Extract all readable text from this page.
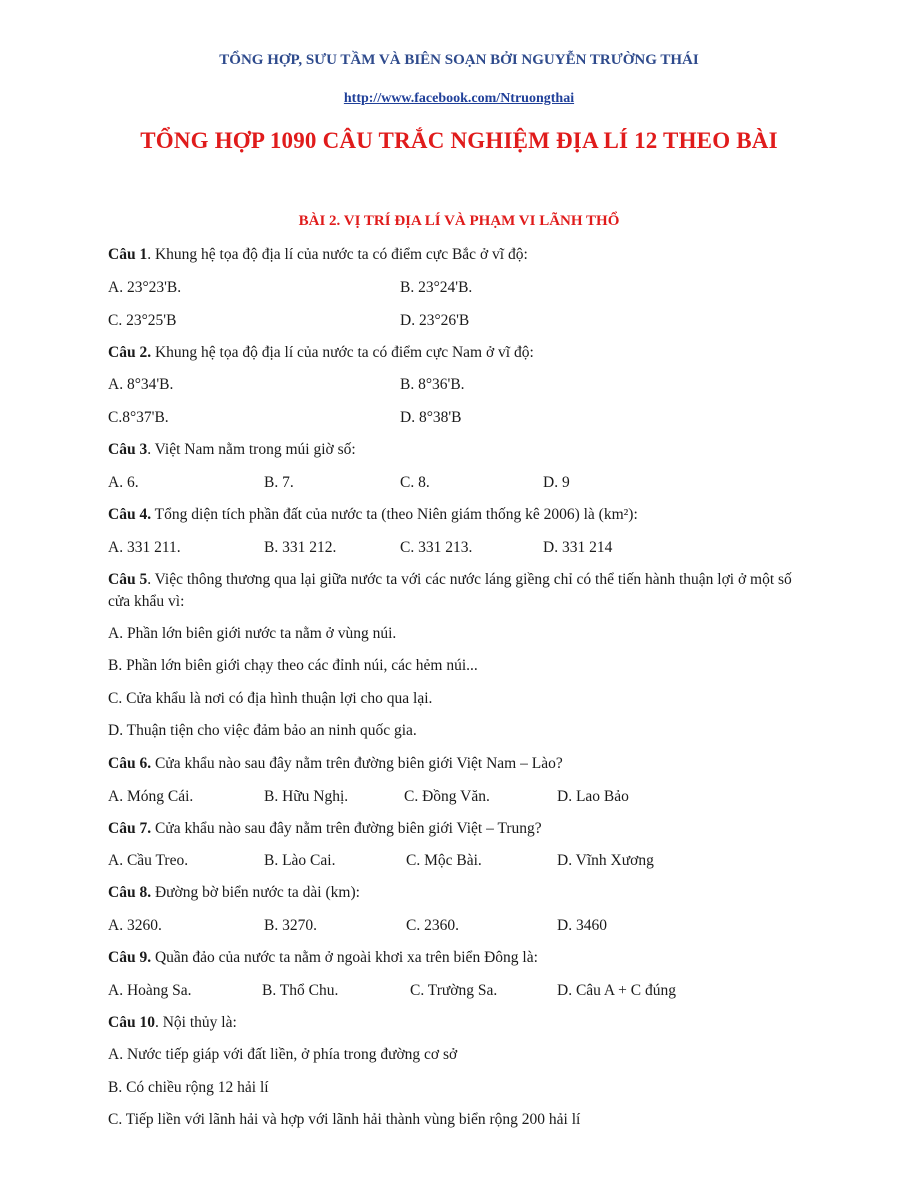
TỔNG HỢP, SƯU TẦM VÀ BIÊN SOẠN BỞI NGUYỄN TRƯỜNG THÁI
http://www.facebook.com/Ntruongthai
TỔNG HỢP 1090 CÂU TRẮC NGHIỆM ĐỊA LÍ 12 THEO BÀI
BÀI 2. VỊ TRÍ ĐỊA LÍ VÀ PHẠM VI LÃNH THỔ
Câu 1. Khung hệ tọa độ địa lí của nước ta có điểm cực Bắc ở vĩ độ:
A. 23°23'B.	B. 23°24'B.
C. 23°25'B	D. 23°26'B
Câu 2. Khung hệ tọa độ địa lí của nước ta có điểm cực Nam ở vĩ độ:
A. 8°34'B.	B. 8°36'B.
C.8°37'B.	D. 8°38'B
Câu 3. Việt Nam nằm trong múi giờ số:
A. 6.	B. 7.	C. 8.	D. 9
Câu 4. Tổng diện tích phần đất của nước ta (theo Niên giám thống kê 2006) là (km²):
A. 331 211.	B. 331 212.	C. 331 213.	D. 331 214
Câu 5. Việc thông thương qua lại giữa nước ta với các nước láng giềng chỉ có thể tiến hành thuận lợi ở một số cửa khẩu vì:
A. Phần lớn biên giới nước ta nằm ở vùng núi.
B. Phần lớn biên giới chạy theo các đỉnh núi, các hẻm núi...
C. Cửa khẩu là nơi có địa hình thuận lợi cho qua lại.
D. Thuận tiện cho việc đảm bảo an ninh quốc gia.
Câu 6. Cửa khẩu nào sau đây nằm trên đường biên giới Việt Nam – Lào?
A. Móng Cái.	B. Hữu Nghị.	C. Đồng Văn.	D. Lao Bảo
Câu 7. Cửa khẩu nào sau đây nằm trên đường biên giới Việt – Trung?
A. Cầu Treo.	B. Lào Cai.	C. Mộc Bài.	D. Vĩnh Xương
Câu 8. Đường bờ biển nước ta dài (km):
A. 3260.	B. 3270.	C. 2360.	D. 3460
Câu 9. Quần đảo của nước ta nằm ở ngoài khơi xa trên biển Đông là:
A. Hoàng Sa.	B. Thổ Chu.	C. Trường Sa.	D. Câu A + C đúng
Câu 10. Nội thủy là:
A. Nước tiếp giáp với đất liền, ở phía trong đường cơ sở
B. Có chiều rộng 12 hải lí
C. Tiếp liền với lãnh hải và hợp với lãnh hải thành vùng biển rộng 200 hải lí
